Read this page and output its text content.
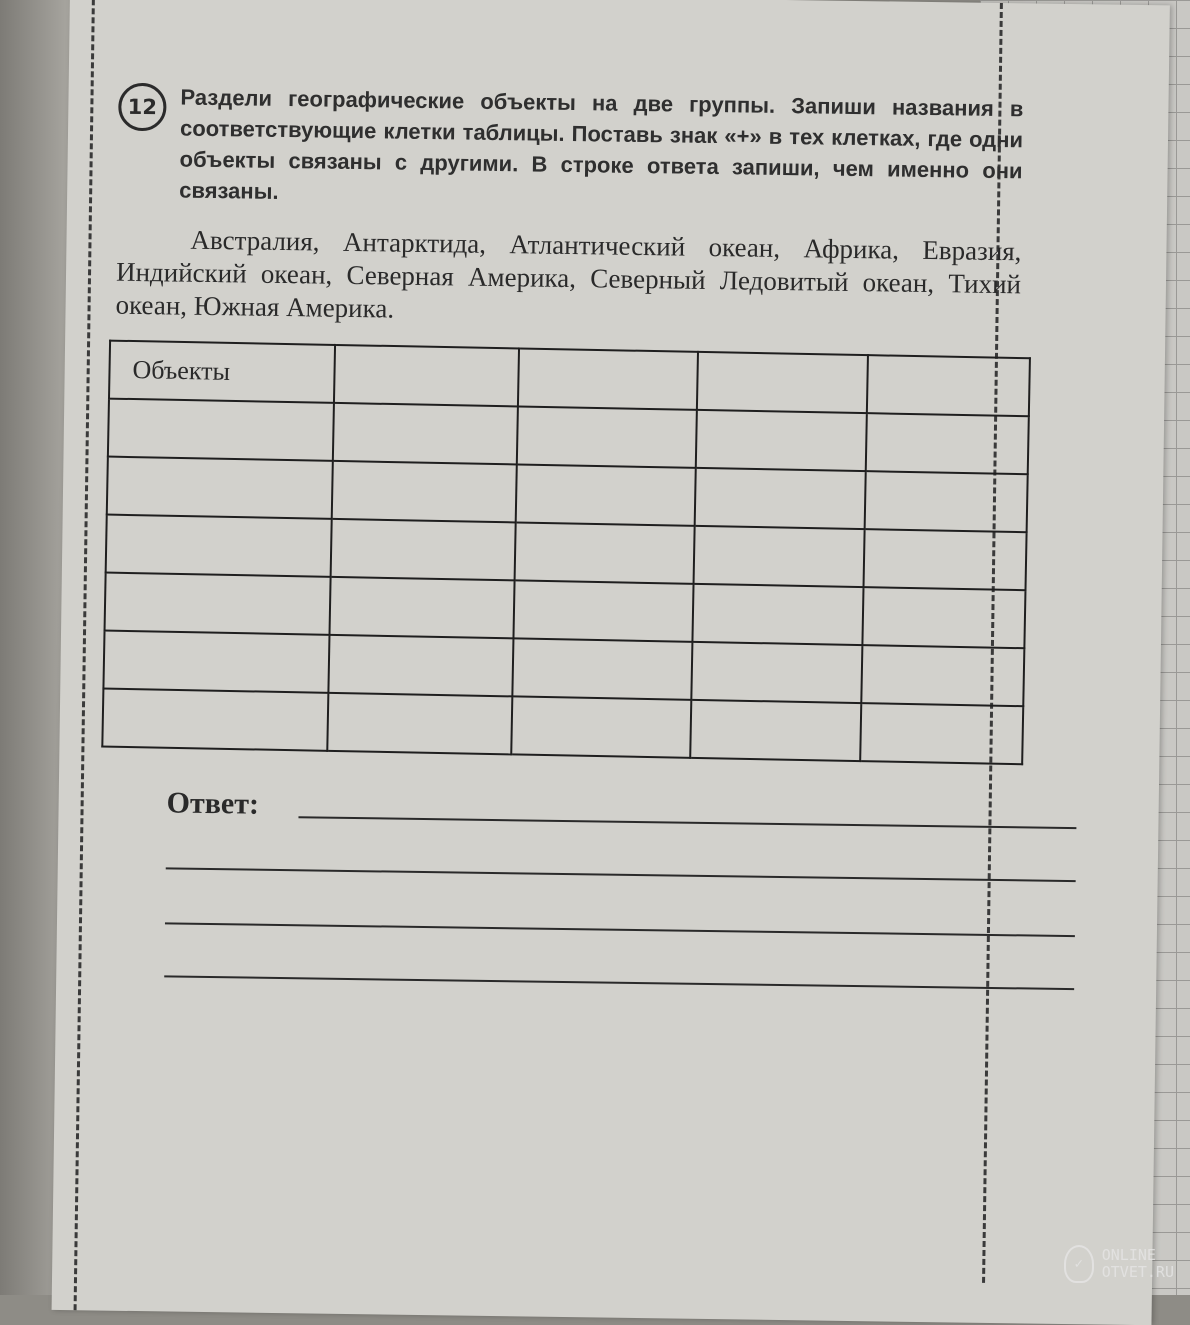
12	Раздели географические объекты на две группы. Запиши названия в соответствующие клетки таблицы. Поставь знак «+» в тех клетках, где одни объекты связаны с другими. В строке ответа запиши, чем именно они связаны.

Австралия, Антарктида, Атлантический океан, Африка, Евразия, Индийский океан, Северная Америка, Северный Ледовитый океан, Тихий океан, Южная Америка.

Объекты				

Ответ:
✓	ONLINE
OTVET.RU
